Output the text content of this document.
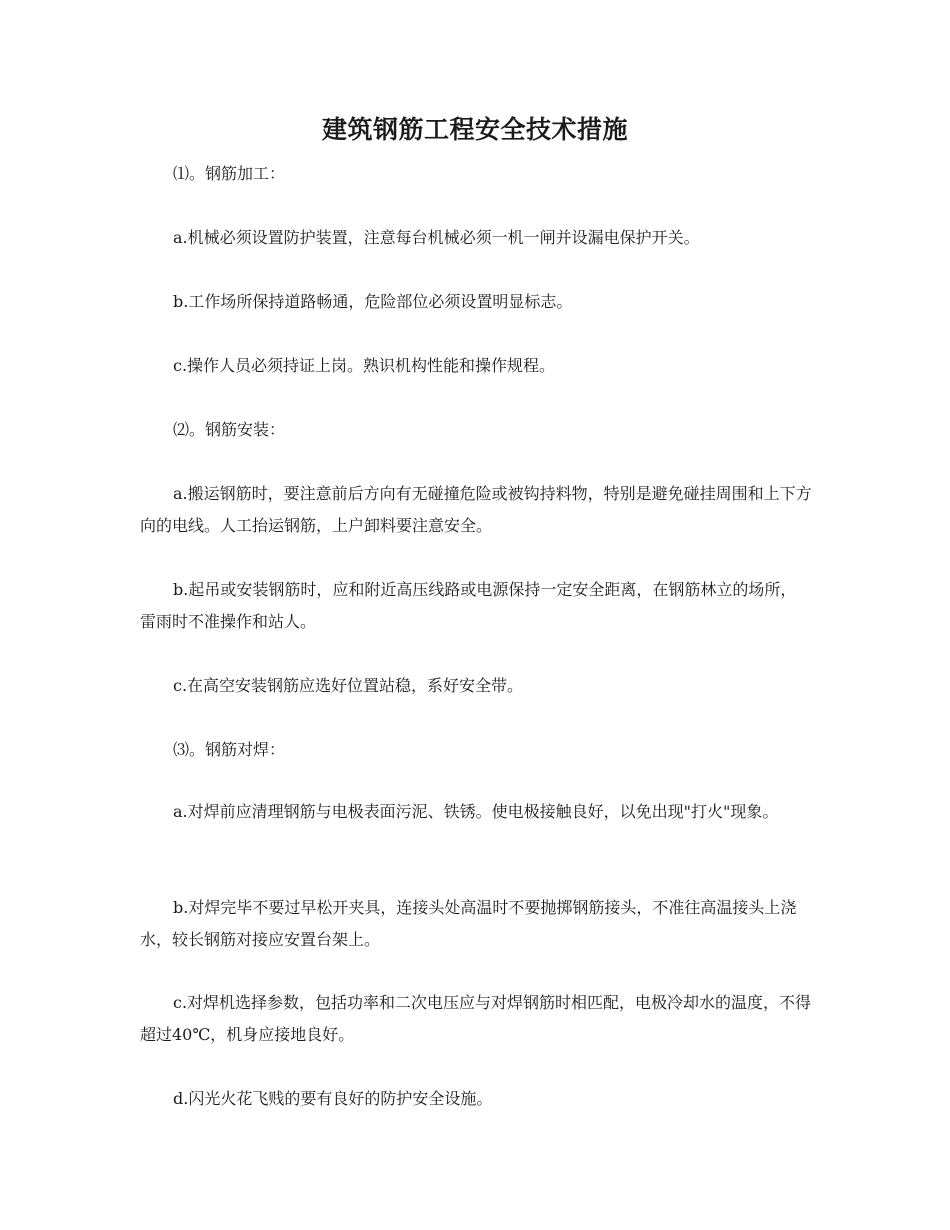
建筑钢筋工程安全技术措施
⑴。钢筋加工：
a.机械必须设置防护装置，注意每台机械必须一机一闸并设漏电保护开关。
b.工作场所保持道路畅通，危险部位必须设置明显标志。
c.操作人员必须持证上岗。熟识机构性能和操作规程。
⑵。钢筋安装：
a.搬运钢筋时，要注意前后方向有无碰撞危险或被钩持料物，特别是避免碰挂周围和上下方向的电线。人工抬运钢筋，上户卸料要注意安全。
b.起吊或安装钢筋时，应和附近高压线路或电源保持一定安全距离，在钢筋林立的场所，雷雨时不准操作和站人。
c.在高空安装钢筋应选好位置站稳，系好安全带。
⑶。钢筋对焊：
a.对焊前应清理钢筋与电极表面污泥、铁锈。使电极接触良好，以免出现"打火"现象。
b.对焊完毕不要过早松开夹具，连接头处高温时不要抛掷钢筋接头，不准往高温接头上浇水，较长钢筋对接应安置台架上。
c.对焊机选择参数，包括功率和二次电压应与对焊钢筋时相匹配，电极冷却水的温度，不得超过40℃，机身应接地良好。
d.闪光火花飞贱的要有良好的防护安全设施。
